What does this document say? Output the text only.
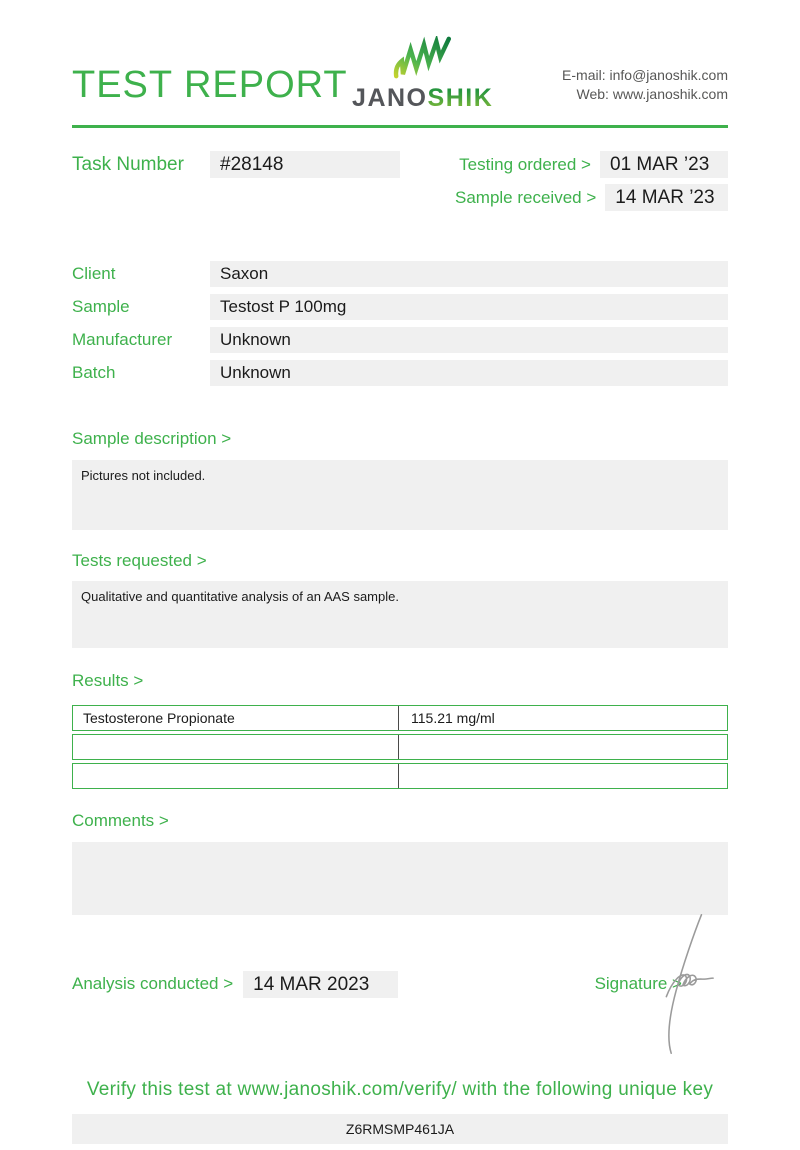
TEST REPORT JANOSHIK
E-mail: info@janoshik.com
Web: www.janoshik.com
Task Number	#28148	Testing ordered >	01 MAR ’23
Sample received >	14 MAR ’23
Client	Saxon
Sample	Testost P 100mg
Manufacturer	Unknown
Batch	Unknown
Sample description >
Pictures not included.
Tests requested >
Qualitative and quantitative analysis of an AAS sample.
Results >
Testosterone Propionate	115.21 mg/ml
Comments >
Analysis conducted >	14 MAR 2023	Signature >
Verify this test at www.janoshik.com/verify/ with the following unique key
Z6RMSMP461JA
